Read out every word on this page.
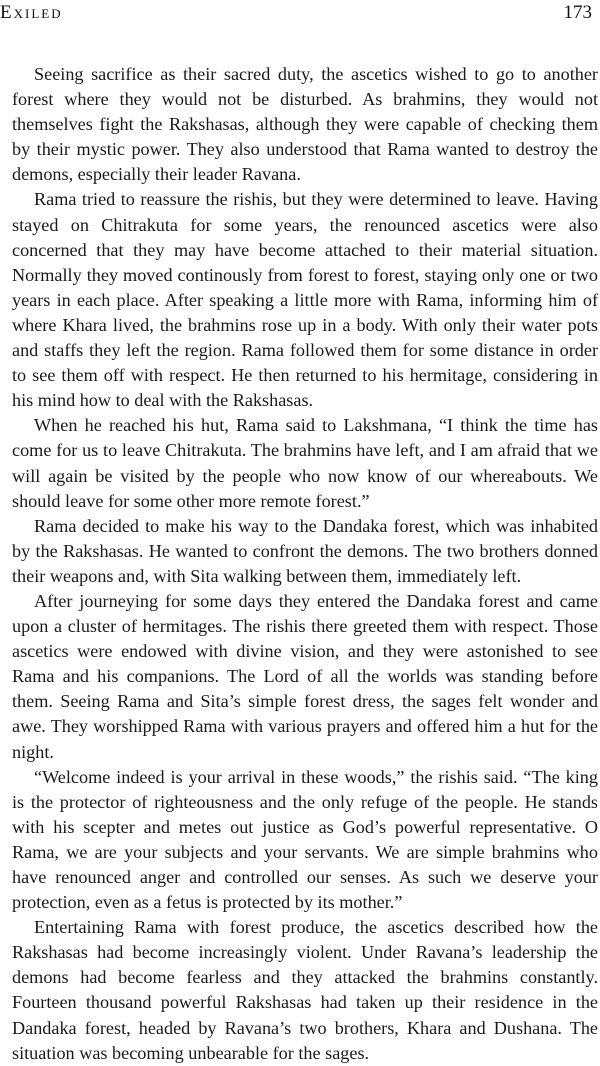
Exiled	173

Seeing sacrifice as their sacred duty, the ascetics wished to go to another forest where they would not be disturbed. As brahmins, they would not themselves fight the Rakshasas, although they were capable of checking them by their mystic power. They also understood that Rama wanted to destroy the demons, especially their leader Ravana.

Rama tried to reassure the rishis, but they were determined to leave. Having stayed on Chitrakuta for some years, the renounced ascetics were also concerned that they may have become attached to their material situation. Normally they moved continously from forest to forest, staying only one or two years in each place. After speaking a little more with Rama, informing him of where Khara lived, the brahmins rose up in a body. With only their water pots and staffs they left the region. Rama followed them for some distance in order to see them off with respect. He then returned to his hermitage, considering in his mind how to deal with the Rakshasas.

When he reached his hut, Rama said to Lakshmana, “I think the time has come for us to leave Chitrakuta. The brahmins have left, and I am afraid that we will again be visited by the people who now know of our whereabouts. We should leave for some other more remote forest.”

Rama decided to make his way to the Dandaka forest, which was inhabited by the Rakshasas. He wanted to confront the demons. The two brothers donned their weapons and, with Sita walking between them, immediately left.

After journeying for some days they entered the Dandaka forest and came upon a cluster of hermitages. The rishis there greeted them with respect. Those ascetics were endowed with divine vision, and they were astonished to see Rama and his companions. The Lord of all the worlds was standing before them. Seeing Rama and Sita’s simple forest dress, the sages felt wonder and awe. They worshipped Rama with various prayers and offered him a hut for the night.

“Welcome indeed is your arrival in these woods,” the rishis said. “The king is the protector of righteousness and the only refuge of the people. He stands with his scepter and metes out justice as God’s powerful representative. O Rama, we are your subjects and your servants. We are simple brahmins who have renounced anger and controlled our senses. As such we deserve your protection, even as a fetus is protected by its mother.”

Entertaining Rama with forest produce, the ascetics described how the Rakshasas had become increasingly violent. Under Ravana’s leadership the demons had become fearless and they attacked the brahmins constantly. Fourteen thousand powerful Rakshasas had taken up their residence in the Dandaka forest, headed by Ravana’s two brothers, Khara and Dushana. The situation was becoming unbearable for the sages.
